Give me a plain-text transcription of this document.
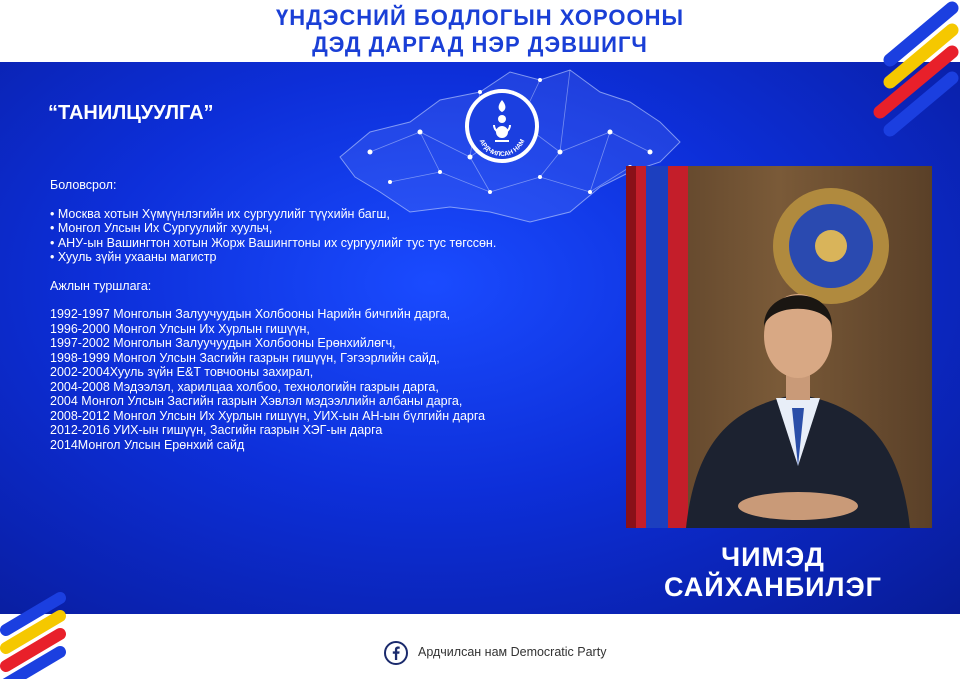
ҮНДЭСНИЙ БОДЛОГЫН ХОРООНЫ
ДЭД ДАРГАД НЭР ДЭВШИГЧ
АРДЧИЛСАН НАМ
“ТАНИЛЦУУЛГА”

Боловсрол:

• Москва хотын Хүмүүнлэгийн их сургуулийг түүхийн багш,
• Монгол Улсын Их Сургуулийг хуульч,
• АНУ-ын Вашингтон хотын Жорж Вашингтоны их сургуулийг тус тус төгссөн.
• Хууль зүйн ухааны магистр

Ажлын туршлага:

1992-1997 Монголын Залуучуудын Холбооны Нарийн бичгийн дарга,
1996-2000 Монгол Улсын Их Хурлын гишүүн,
1997-2002 Монголын Залуучуудын Холбооны Ерөнхийлөгч,
1998-1999 Монгол Улсын Засгийн газрын гишүүн, Гэгээрлийн сайд,
2002-2004Хууль зүйн Е&T товчооны захирал,
2004-2008 Мэдээлэл, харилцаа холбоо, технологийн газрын дарга,
2004 Монгол Улсын Засгийн газрын Хэвлэл мэдээллийн албаны дарга,
2008-2012 Монгол Улсын Их Хурлын гишүүн, УИХ-ын АН-ын бүлгийн дарга
2012-2016 УИХ-ын гишүүн, Засгийн газрын ХЭГ-ын дарга
2014Монгол Улсын Ерөнхий сайд
ЧИМЭД
САЙХАНБИЛЭГ
Ардчилсан нам Democratic Party
